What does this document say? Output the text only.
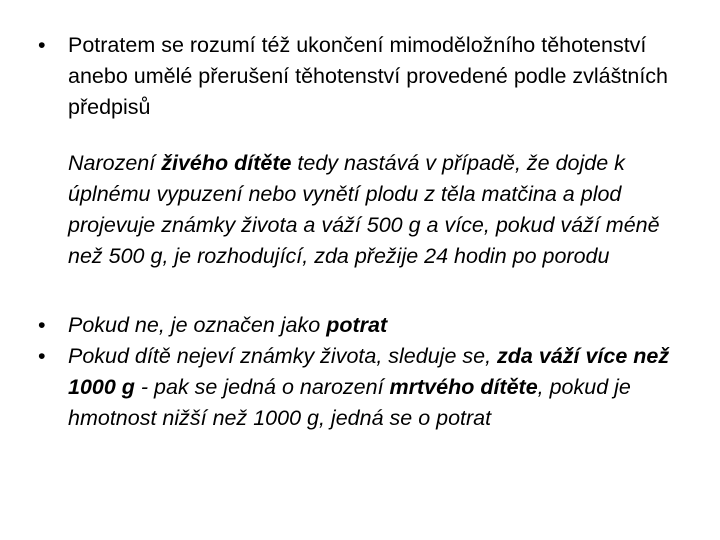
•	Potratem se rozumí též ukončení mimoděložního těhotenství anebo umělé přerušení těhotenství provedené podle zvláštních předpisů
Narození živého dítěte tedy nastává v případě, že dojde k úplnému vypuzení nebo vynětí plodu z těla matčina a plod projevuje známky života a váží 500 g a více, pokud váží méně než 500 g, je rozhodující, zda přežije 24 hodin po porodu
•	Pokud ne, je označen jako potrat
•	Pokud dítě nejeví známky života, sleduje se, zda váží více než 1000 g - pak se jedná o narození mrtvého dítěte, pokud je hmotnost nižší než 1000 g, jedná se o potrat
